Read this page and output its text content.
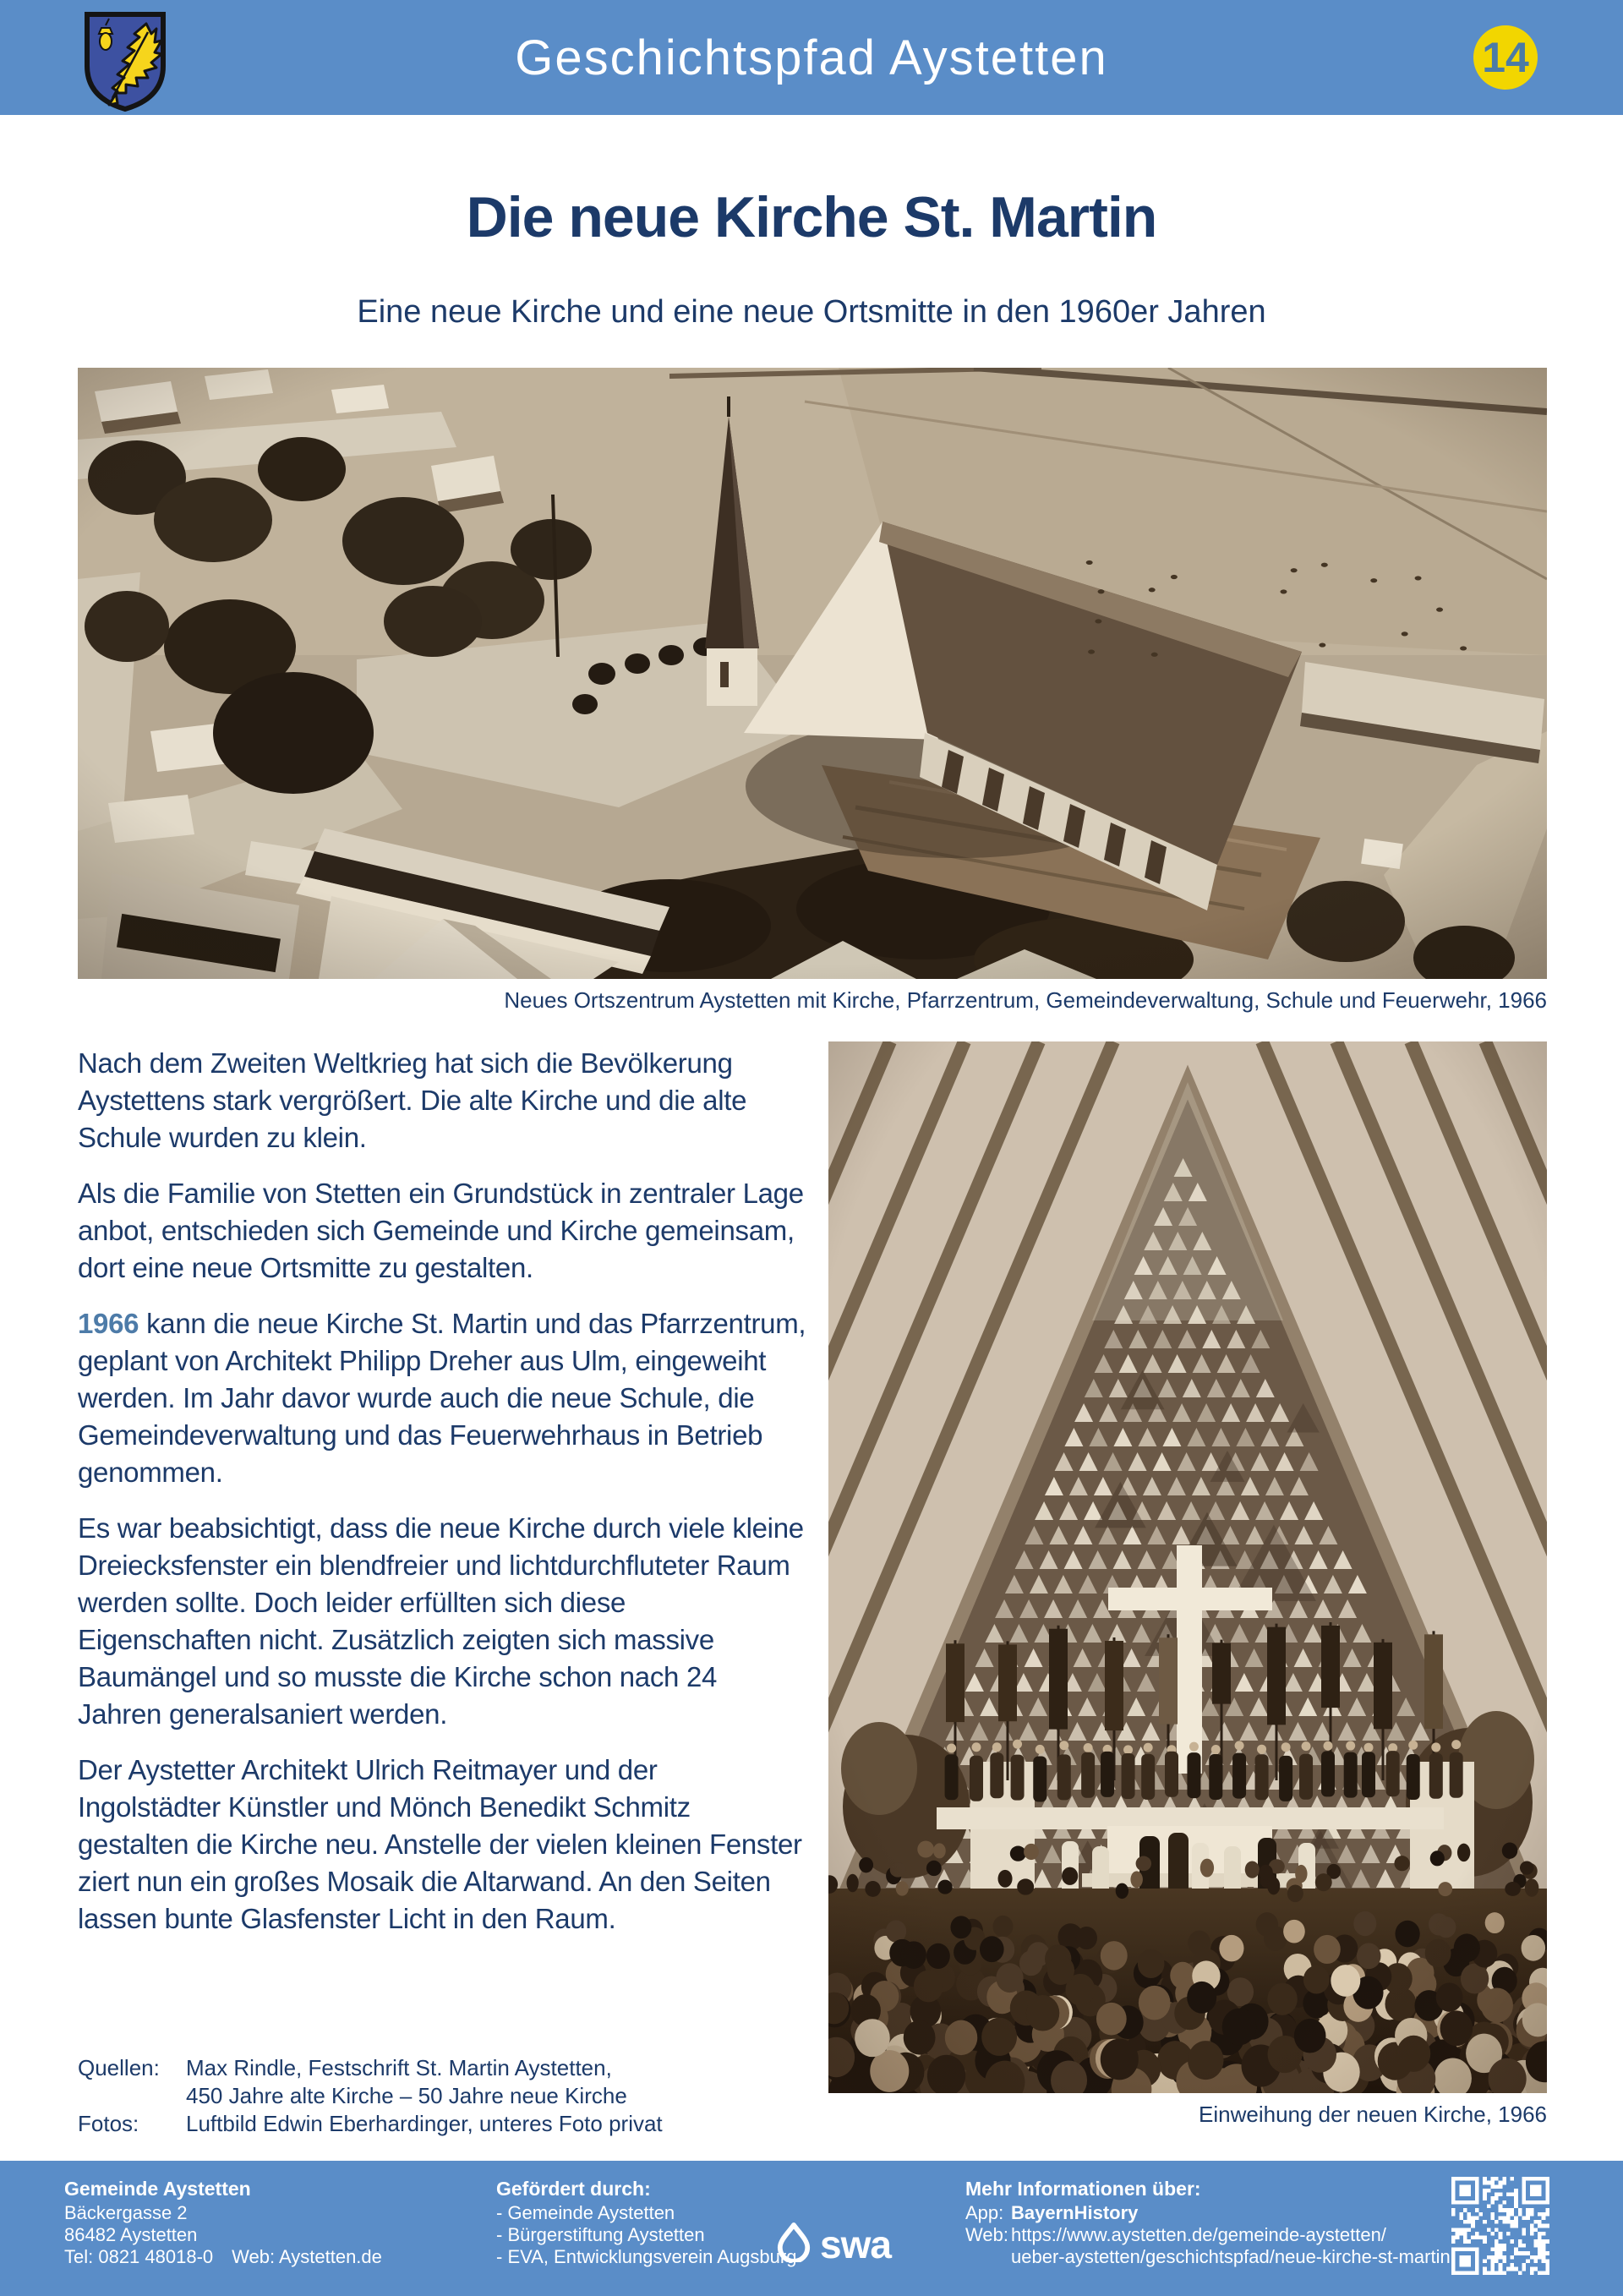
Geschichtspfad Aystetten	14
Die neue Kirche St. Martin
Eine neue Kirche und eine neue Ortsmitte in den 1960er Jahren
Neues Ortszentrum Aystetten mit Kirche, Pfarrzentrum, Gemeindeverwaltung, Schule und Feuerwehr, 1966

Nach dem Zweiten Weltkrieg hat sich die Bevölkerung Aystettens stark vergrößert. Die alte Kirche und die alte Schule wurden zu klein.

Als die Familie von Stetten ein Grundstück in zentraler Lage anbot, entschieden sich Gemeinde und Kirche gemeinsam, dort eine neue Ortsmitte zu gestalten.

1966 kann die neue Kirche St. Martin und das Pfarrzentrum, geplant von Architekt Philipp Dreher aus Ulm, eingeweiht werden. Im Jahr davor wurde auch die neue Schule, die Gemeindeverwaltung und das Feuerwehrhaus in Betrieb genommen.

Es war beabsichtigt, dass die neue Kirche durch viele kleine Dreiecksfenster ein blendfreier und lichtdurchfluteter Raum werden sollte. Doch leider erfüllten sich diese Eigenschaften nicht. Zusätzlich zeigten sich massive Baumängel und so musste die Kirche schon nach 24 Jahren generalsaniert werden.

Der Aystetter Architekt Ulrich Reitmayer und der Ingolstädter Künstler und Mönch Benedikt Schmitz gestalten die Kirche neu. Anstelle der vielen kleinen Fenster ziert nun ein großes Mosaik die Altarwand. An den Seiten lassen bunte Glasfenster Licht in den Raum.

Einweihung der neuen Kirche, 1966
Quellen:	Max Rindle, Festschrift St. Martin Aystetten,
450 Jahre alte Kirche – 50 Jahre neue Kirche
Fotos:	Luftbild Edwin Eberhardinger, unteres Foto privat
Gemeinde Aystetten
Bäckergasse 2
86482 Aystetten
Tel: 0821 48018-0 Web: Aystetten.de
Gefördert durch:
- Gemeinde Aystetten
- Bürgerstiftung Aystetten
- EVA, Entwicklungsverein Augsburg swa
Mehr Informationen über:
App: BayernHistory
Web: https://www.aystetten.de/gemeinde-aystetten/
ueber-aystetten/geschichtspfad/neue-kirche-st-martin
